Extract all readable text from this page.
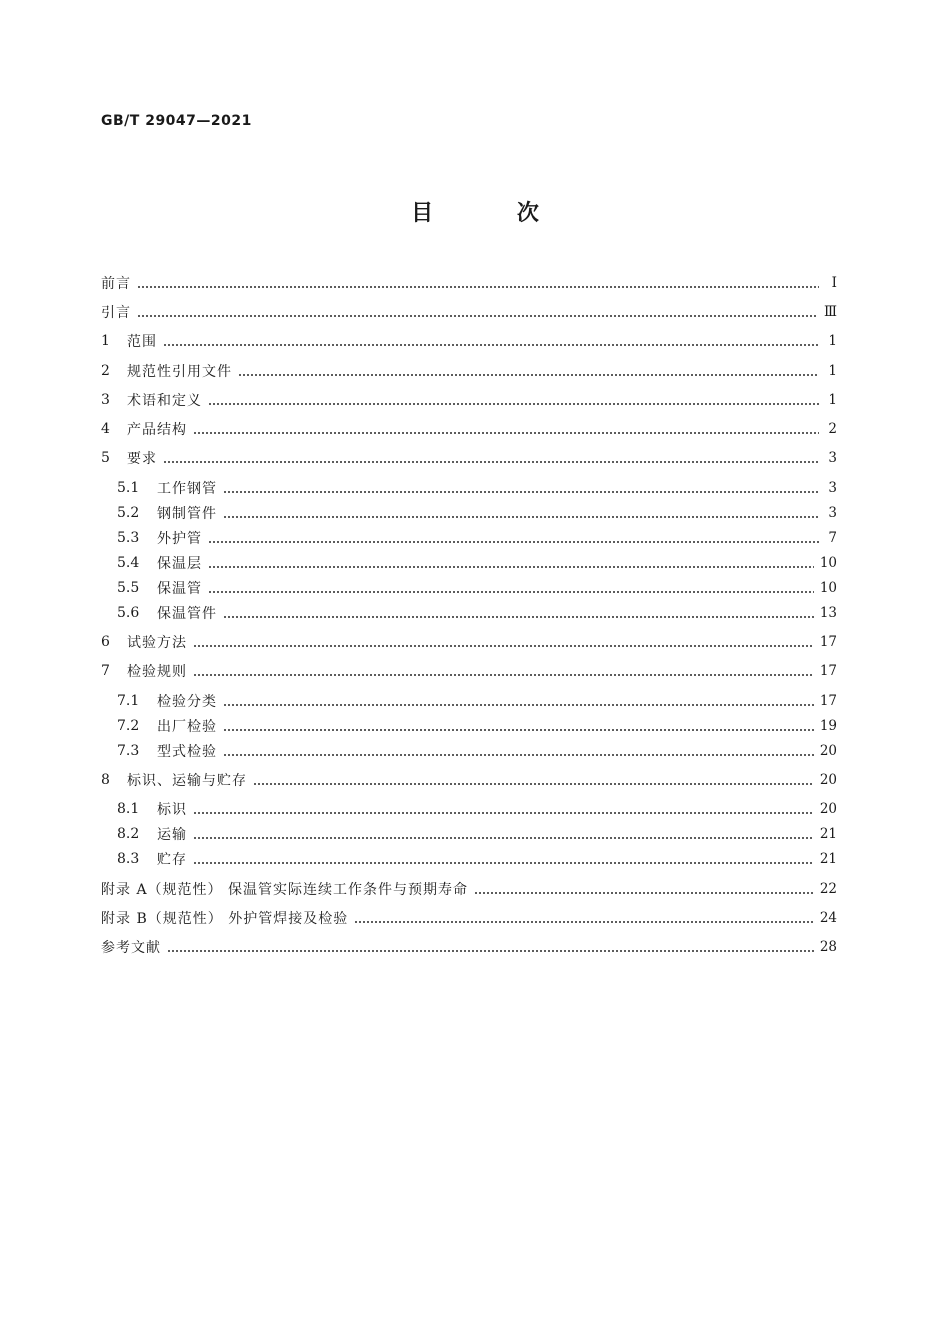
GB/T 29047—2021
目 次
前言	Ⅰ
引言	Ⅲ
1	范围	1
2	规范性引用文件	1
3	术语和定义	1
4	产品结构	2
5	要求	3
5.1	工作钢管	3
5.2	钢制管件	3
5.3	外护管	7
5.4	保温层	10
5.5	保温管	10
5.6	保温管件	13
6	试验方法	17
7	检验规则	17
7.1	检验分类	17
7.2	出厂检验	19
7.3	型式检验	20
8	标识、运输与贮存	20
8.1	标识	20
8.2	运输	21
8.3	贮存	21
附录 A（规范性） 保温管实际连续工作条件与预期寿命	22
附录 B（规范性） 外护管焊接及检验	24
参考文献	28
